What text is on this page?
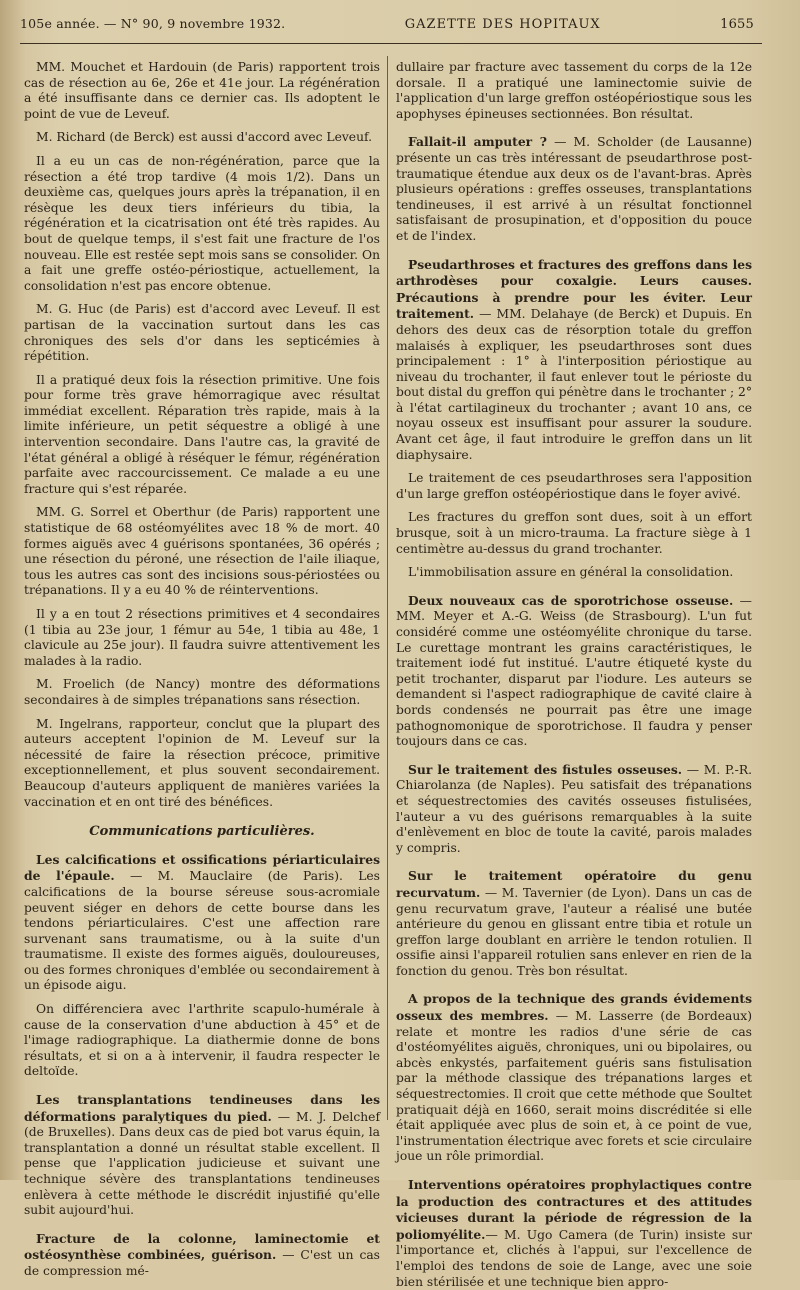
105e année. — N° 90, 9 novembre 1932.	GAZETTE DES HOPITAUX	1655

MM. Mouchet et Hardouin (de Paris) rapportent trois cas de résection au 6e, 26e et 41e jour. La régénération a été insuffisante dans ce dernier cas. Ils adoptent le point de vue de Leveuf.

M. Richard (de Berck) est aussi d'accord avec Leveuf.

Il a eu un cas de non-régénération, parce que la résection a été trop tardive (4 mois 1/2). Dans un deuxième cas, quelques jours après la trépanation, il en résèque les deux tiers inférieurs du tibia, la régénération et la cicatrisation ont été très rapides. Au bout de quelque temps, il s'est fait une fracture de l'os nouveau. Elle est restée sept mois sans se consolider. On a fait une greffe ostéo-périostique, actuellement, la consolidation n'est pas encore obtenue.

M. G. Huc (de Paris) est d'accord avec Leveuf. Il est partisan de la vaccination surtout dans les cas chroniques des sels d'or dans les septicémies à répétition.

Il a pratiqué deux fois la résection primitive. Une fois pour forme très grave hémorragique avec résultat immédiat excellent. Réparation très rapide, mais à la limite inférieure, un petit séquestre a obligé à une intervention secondaire. Dans l'autre cas, la gravité de l'état général a obligé à réséquer le fémur, régénération parfaite avec raccourcissement. Ce malade a eu une fracture qui s'est réparée.

MM. G. Sorrel et Oberthur (de Paris) rapportent une statistique de 68 ostéomyélites avec 18 % de mort. 40 formes aiguës avec 4 guérisons spontanées, 36 opérés ; une résection du péroné, une résection de l'aile iliaque, tous les autres cas sont des incisions sous-périostées ou trépanations. Il y a eu 40 % de réinterventions.

Il y a en tout 2 résections primitives et 4 secondaires (1 tibia au 23e jour, 1 fémur au 54e, 1 tibia au 48e, 1 clavicule au 25e jour). Il faudra suivre attentivement les malades à la radio.

M. Froelich (de Nancy) montre des déformations secondaires à de simples trépanations sans résection.

M. Ingelrans, rapporteur, conclut que la plupart des auteurs acceptent l'opinion de M. Leveuf sur la nécessité de faire la résection précoce, primitive exceptionnellement, et plus souvent secondairement. Beaucoup d'auteurs appliquent de manières variées la vaccination et en ont tiré des bénéfices.

Communications particulières.

Les calcifications et ossifications périarticulaires de l'épaule. — M. Mauclaire (de Paris). Les calcifications de la bourse séreuse sous-acromiale peuvent siéger en dehors de cette bourse dans les tendons périarticulaires. C'est une affection rare survenant sans traumatisme, ou à la suite d'un traumatisme. Il existe des formes aiguës, douloureuses, ou des formes chroniques d'emblée ou secondairement à un épisode aigu.

On différenciera avec l'arthrite scapulo-humérale à cause de la conservation d'une abduction à 45° et de l'image radiographique. La diathermie donne de bons résultats, et si on a à intervenir, il faudra respecter le deltoïde.

Les transplantations tendineuses dans les déformations paralytiques du pied. — M. J. Delchef (de Bruxelles). Dans deux cas de pied bot varus équin, la transplantation a donné un résultat stable excellent. Il pense que l'application judicieuse et suivant une technique sévère des transplantations tendineuses enlèvera à cette méthode le discrédit injustifié qu'elle subit aujourd'hui.

Fracture de la colonne, laminectomie et ostéosynthèse combinées, guérison. — C'est un cas de compression mé-

dullaire par fracture avec tassement du corps de la 12e dorsale. Il a pratiqué une laminectomie suivie de l'application d'un large greffon ostéopériostique sous les apophyses épineuses sectionnées. Bon résultat.

Fallait-il amputer ? — M. Scholder (de Lausanne) présente un cas très intéressant de pseudarthrose post-traumatique étendue aux deux os de l'avant-bras. Après plusieurs opérations : greffes osseuses, transplantations tendineuses, il est arrivé à un résultat fonctionnel satisfaisant de prosupination, et d'opposition du pouce et de l'index.

Pseudarthroses et fractures des greffons dans les arthrodèses pour coxalgie. Leurs causes. Précautions à prendre pour les éviter. Leur traitement. — MM. Delahaye (de Berck) et Dupuis. En dehors des deux cas de résorption totale du greffon malaisés à expliquer, les pseudarthroses sont dues principalement : 1° à l'interposition périostique au niveau du trochanter, il faut enlever tout le périoste du bout distal du greffon qui pénètre dans le trochanter ; 2° à l'état cartilagineux du trochanter ; avant 10 ans, ce noyau osseux est insuffisant pour assurer la soudure. Avant cet âge, il faut introduire le greffon dans un lit diaphysaire.

Le traitement de ces pseudarthroses sera l'apposition d'un large greffon ostéopériostique dans le foyer avivé.

Les fractures du greffon sont dues, soit à un effort brusque, soit à un micro-trauma. La fracture siège à 1 centimètre au-dessus du grand trochanter.

L'immobilisation assure en général la consolidation.

Deux nouveaux cas de sporotrichose osseuse. — MM. Meyer et A.-G. Weiss (de Strasbourg). L'un fut considéré comme une ostéomyélite chronique du tarse. Le curettage montrant les grains caractéristiques, le traitement iodé fut institué. L'autre étiqueté kyste du petit trochanter, disparut par l'iodure. Les auteurs se demandent si l'aspect radiographique de cavité claire à bords condensés ne pourrait pas être une image pathognomonique de sporotrichose. Il faudra y penser toujours dans ce cas.

Sur le traitement des fistules osseuses. — M. P.-R. Chiarolanza (de Naples). Peu satisfait des trépanations et séquestrectomies des cavités osseuses fistulisées, l'auteur a vu des guérisons remarquables à la suite d'enlèvement en bloc de toute la cavité, parois malades y compris.

Sur le traitement opératoire du genu recurvatum. — M. Tavernier (de Lyon). Dans un cas de genu recurvatum grave, l'auteur a réalisé une butée antérieure du genou en glissant entre tibia et rotule un greffon large doublant en arrière le tendon rotulien. Il ossifie ainsi l'appareil rotulien sans enlever en rien de la fonction du genou. Très bon résultat.

A propos de la technique des grands évidements osseux des membres. — M. Lasserre (de Bordeaux) relate et montre les radios d'une série de cas d'ostéomyélites aiguës, chroniques, uni ou bipolaires, ou abcès enkystés, parfaitement guéris sans fistulisation par la méthode classique des trépanations larges et séquestrectomies. Il croit que cette méthode que Soultet pratiquait déjà en 1660, serait moins discréditée si elle était appliquée avec plus de soin et, à ce point de vue, l'instrumentation électrique avec forets et scie circulaire joue un rôle primordial.

Interventions opératoires prophylactiques contre la production des contractures et des attitudes vicieuses durant la période de régression de la poliomyélite.— M. Ugo Camera (de Turin) insiste sur l'importance et, clichés à l'appui, sur l'excellence de l'emploi des tendons de soie de Lange, avec une soie bien stérilisée et une technique bien appro-
